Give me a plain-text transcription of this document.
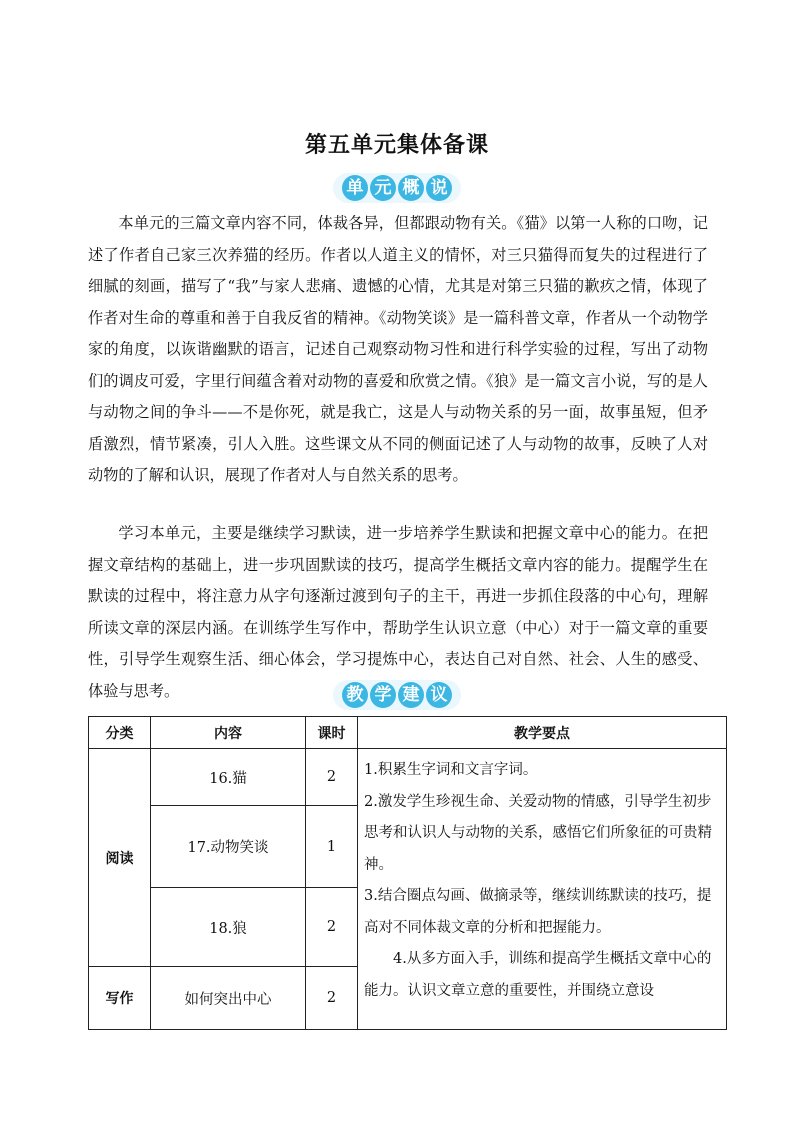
第五单元集体备课
单 元 概 说

本单元的三篇文章内容不同，体裁各异，但都跟动物有关。《猫》以第一人称的口吻，记述了作者自己家三次养猫的经历。作者以人道主义的情怀，对三只猫得而复失的过程进行了细腻的刻画，描写了“我”与家人悲痛、遗憾的心情，尤其是对第三只猫的歉疚之情，体现了作者对生命的尊重和善于自我反省的精神。《动物笑谈》是一篇科普文章，作者从一个动物学家的角度，以诙谐幽默的语言，记述自己观察动物习性和进行科学实验的过程，写出了动物们的调皮可爱，字里行间蕴含着对动物的喜爱和欣赏之情。《狼》是一篇文言小说，写的是人与动物之间的争斗——不是你死，就是我亡，这是人与动物关系的另一面，故事虽短，但矛盾激烈，情节紧凑，引人入胜。这些课文从不同的侧面记述了人与动物的故事，反映了人对动物的了解和认识，展现了作者对人与自然关系的思考。

学习本单元，主要是继续学习默读，进一步培养学生默读和把握文章中心的能力。在把握文章结构的基础上，进一步巩固默读的技巧，提高学生概括文章内容的能力。提醒学生在默读的过程中，将注意力从字句逐渐过渡到句子的主干，再进一步抓住段落的中心句，理解所读文章的深层内涵。在训练学生写作中，帮助学生认识立意（中心）对于一篇文章的重要性，引导学生观察生活、细心体会，学习提炼中心，表达自己对自然、社会、人生的感受、体验与思考。	教 学 建 议
分类	内容	课时	教学要点
阅读	16.猫	2	1.积累生字词和文言字词。

2.激发学生珍视生命、关爱动物的情感，引导学生初步思考和认识人与动物的关系，感悟它们所象征的可贵精神。

3.结合圈点勾画、做摘录等，继续训练默读的技巧，提高对不同体裁文章的分析和把握能力。

4.从多方面入手，训练和提高学生概括文章中心的能力。认识文章立意的重要性，并围绕立意设

	17.动物笑谈	1	
	18.狼	2	
写作	如何突出中心	2	
